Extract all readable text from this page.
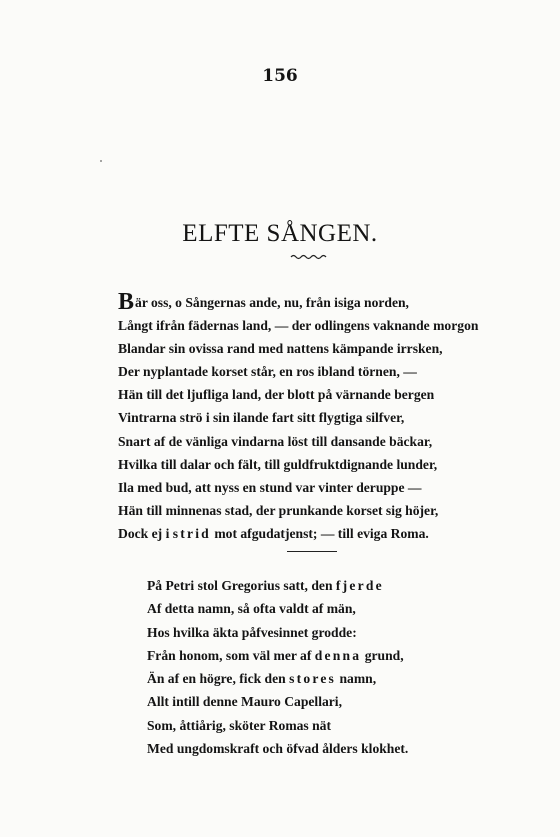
156
ELFTE SÅNGEN.
Bär oss, o Sångernas ande, nu, från isiga norden,
Långt ifrån fädernas land, — der odlingens vaknande morgon
Blandar sin ovissa rand med nattens kämpande irrsken,
Der nyplantade korset står, en ros ibland törnen, —
Hän till det ljufliga land, der blott på värnande bergen
Vintrarna strö i sin ilande fart sitt flygtiga silfver,
Snart af de vänliga vindarna löst till dansande bäckar,
Hvilka till dalar och fält, till guldfruktdignande lunder,
Ila med bud, att nyss en stund var vinter deruppe —
Hän till minnenas stad, der prunkande korset sig höjer,
Dock ej i strid mot afgudatjenst; — till eviga Roma.
På Petri stol Gregorius satt, den fjerde
Af detta namn, så ofta valdt af män,
Hos hvilka äkta påfvesinnet grodde:
Från honom, som väl mer af denna grund,
Än af en högre, fick den stores namn,
Allt intill denne Mauro Capellari,
Som, åttiårig, sköter Romas nät
Med ungdomskraft och öfvad ålders klokhet.
